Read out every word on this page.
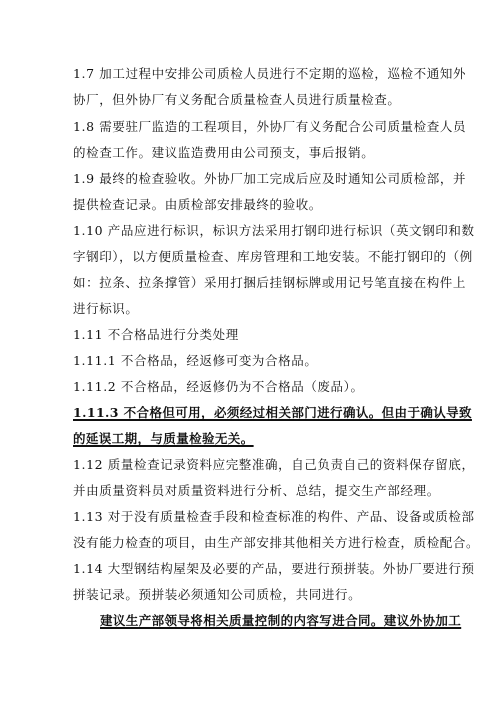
1.7 加工过程中安排公司质检人员进行不定期的巡检，巡检不通知外
协厂，但外协厂有义务配合质量检查人员进行质量检查。
1.8 需要驻厂监造的工程项目，外协厂有义务配合公司质量检查人员
的检查工作。建议监造费用由公司预支，事后报销。
1.9 最终的检查验收。外协厂加工完成后应及时通知公司质检部，并
提供检查记录。由质检部安排最终的验收。
1.10 产品应进行标识，标识方法采用打钢印进行标识（英文钢印和数
字钢印），以方便质量检查、库房管理和工地安装。不能打钢印的（例
如：拉条、拉条撑管）采用打捆后挂钢标牌或用记号笔直接在构件上
进行标识。
1.11 不合格品进行分类处理
1.11.1 不合格品，经返修可变为合格品。
1.11.2 不合格品，经返修仍为不合格品（废品）。
1.11.3 不合格但可用，必须经过相关部门进行确认。但由于确认导致
的延误工期，与质量检验无关。
1.12 质量检查记录资料应完整准确，自己负责自己的资料保存留底，
并由质量资料员对质量资料进行分析、总结，提交生产部经理。
1.13 对于没有质量检查手段和检查标准的构件、产品、设备或质检部
没有能力检查的项目，由生产部安排其他相关方进行检查，质检配合。
1.14 大型钢结构屋架及必要的产品，要进行预拼装。外协厂要进行预
拼装记录。预拼装必须通知公司质检，共同进行。
建议生产部领导将相关质量控制的内容写进合同。建议外协加工
